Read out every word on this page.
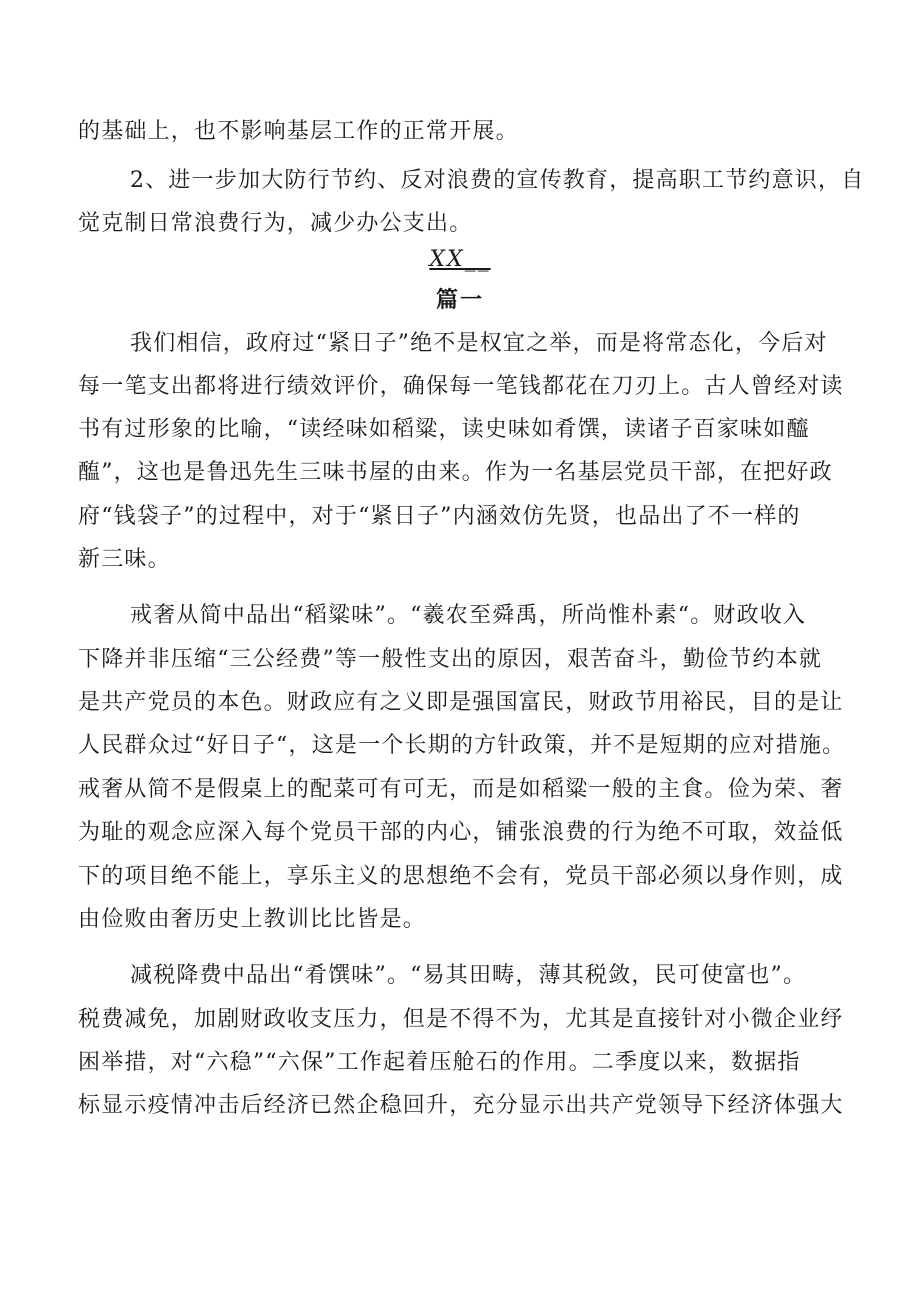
的基础上，也不影响基层工作的正常开展。
2、进一步加大防行节约、反对浪费的宣传教育，提高职工节约意识，自
觉克制日常浪费行为，减少办公支出。
XX__
篇一
我们相信，政府过“紧日子”绝不是权宜之举，而是将常态化，今后对
每一笔支出都将进行绩效评价，确保每一笔钱都花在刀刃上。古人曾经对读
书有过形象的比喻，“读经味如稻粱，读史味如肴馔，读诸子百家味如醯
醢”，这也是鲁迅先生三味书屋的由来。作为一名基层党员干部，在把好政
府“钱袋子”的过程中，对于“紧日子”内涵效仿先贤，也品出了不一样的
新三味。
戒奢从简中品出“稻粱味”。“羲农至舜禹，所尚惟朴素“。财政收入
下降并非压缩“三公经费”等一般性支出的原因，艰苦奋斗，勤俭节约本就
是共产党员的本色。财政应有之义即是强国富民，财政节用裕民，目的是让
人民群众过“好日子“，这是一个长期的方针政策，并不是短期的应对措施。
戒奢从简不是假桌上的配菜可有可无，而是如稻粱一般的主食。俭为荣、奢
为耻的观念应深入每个党员干部的内心，铺张浪费的行为绝不可取，效益低
下的项目绝不能上，享乐主义的思想绝不会有，党员干部必须以身作则，成
由俭败由奢历史上教训比比皆是。
减税降费中品出“肴馔味”。“易其田畴，薄其税敛，民可使富也”。
税费减免，加剧财政收支压力，但是不得不为，尤其是直接针对小微企业纾
困举措，对“六稳”“六保”工作起着压舱石的作用。二季度以来，数据指
标显示疫情冲击后经济已然企稳回升，充分显示出共产党领导下经济体强大
